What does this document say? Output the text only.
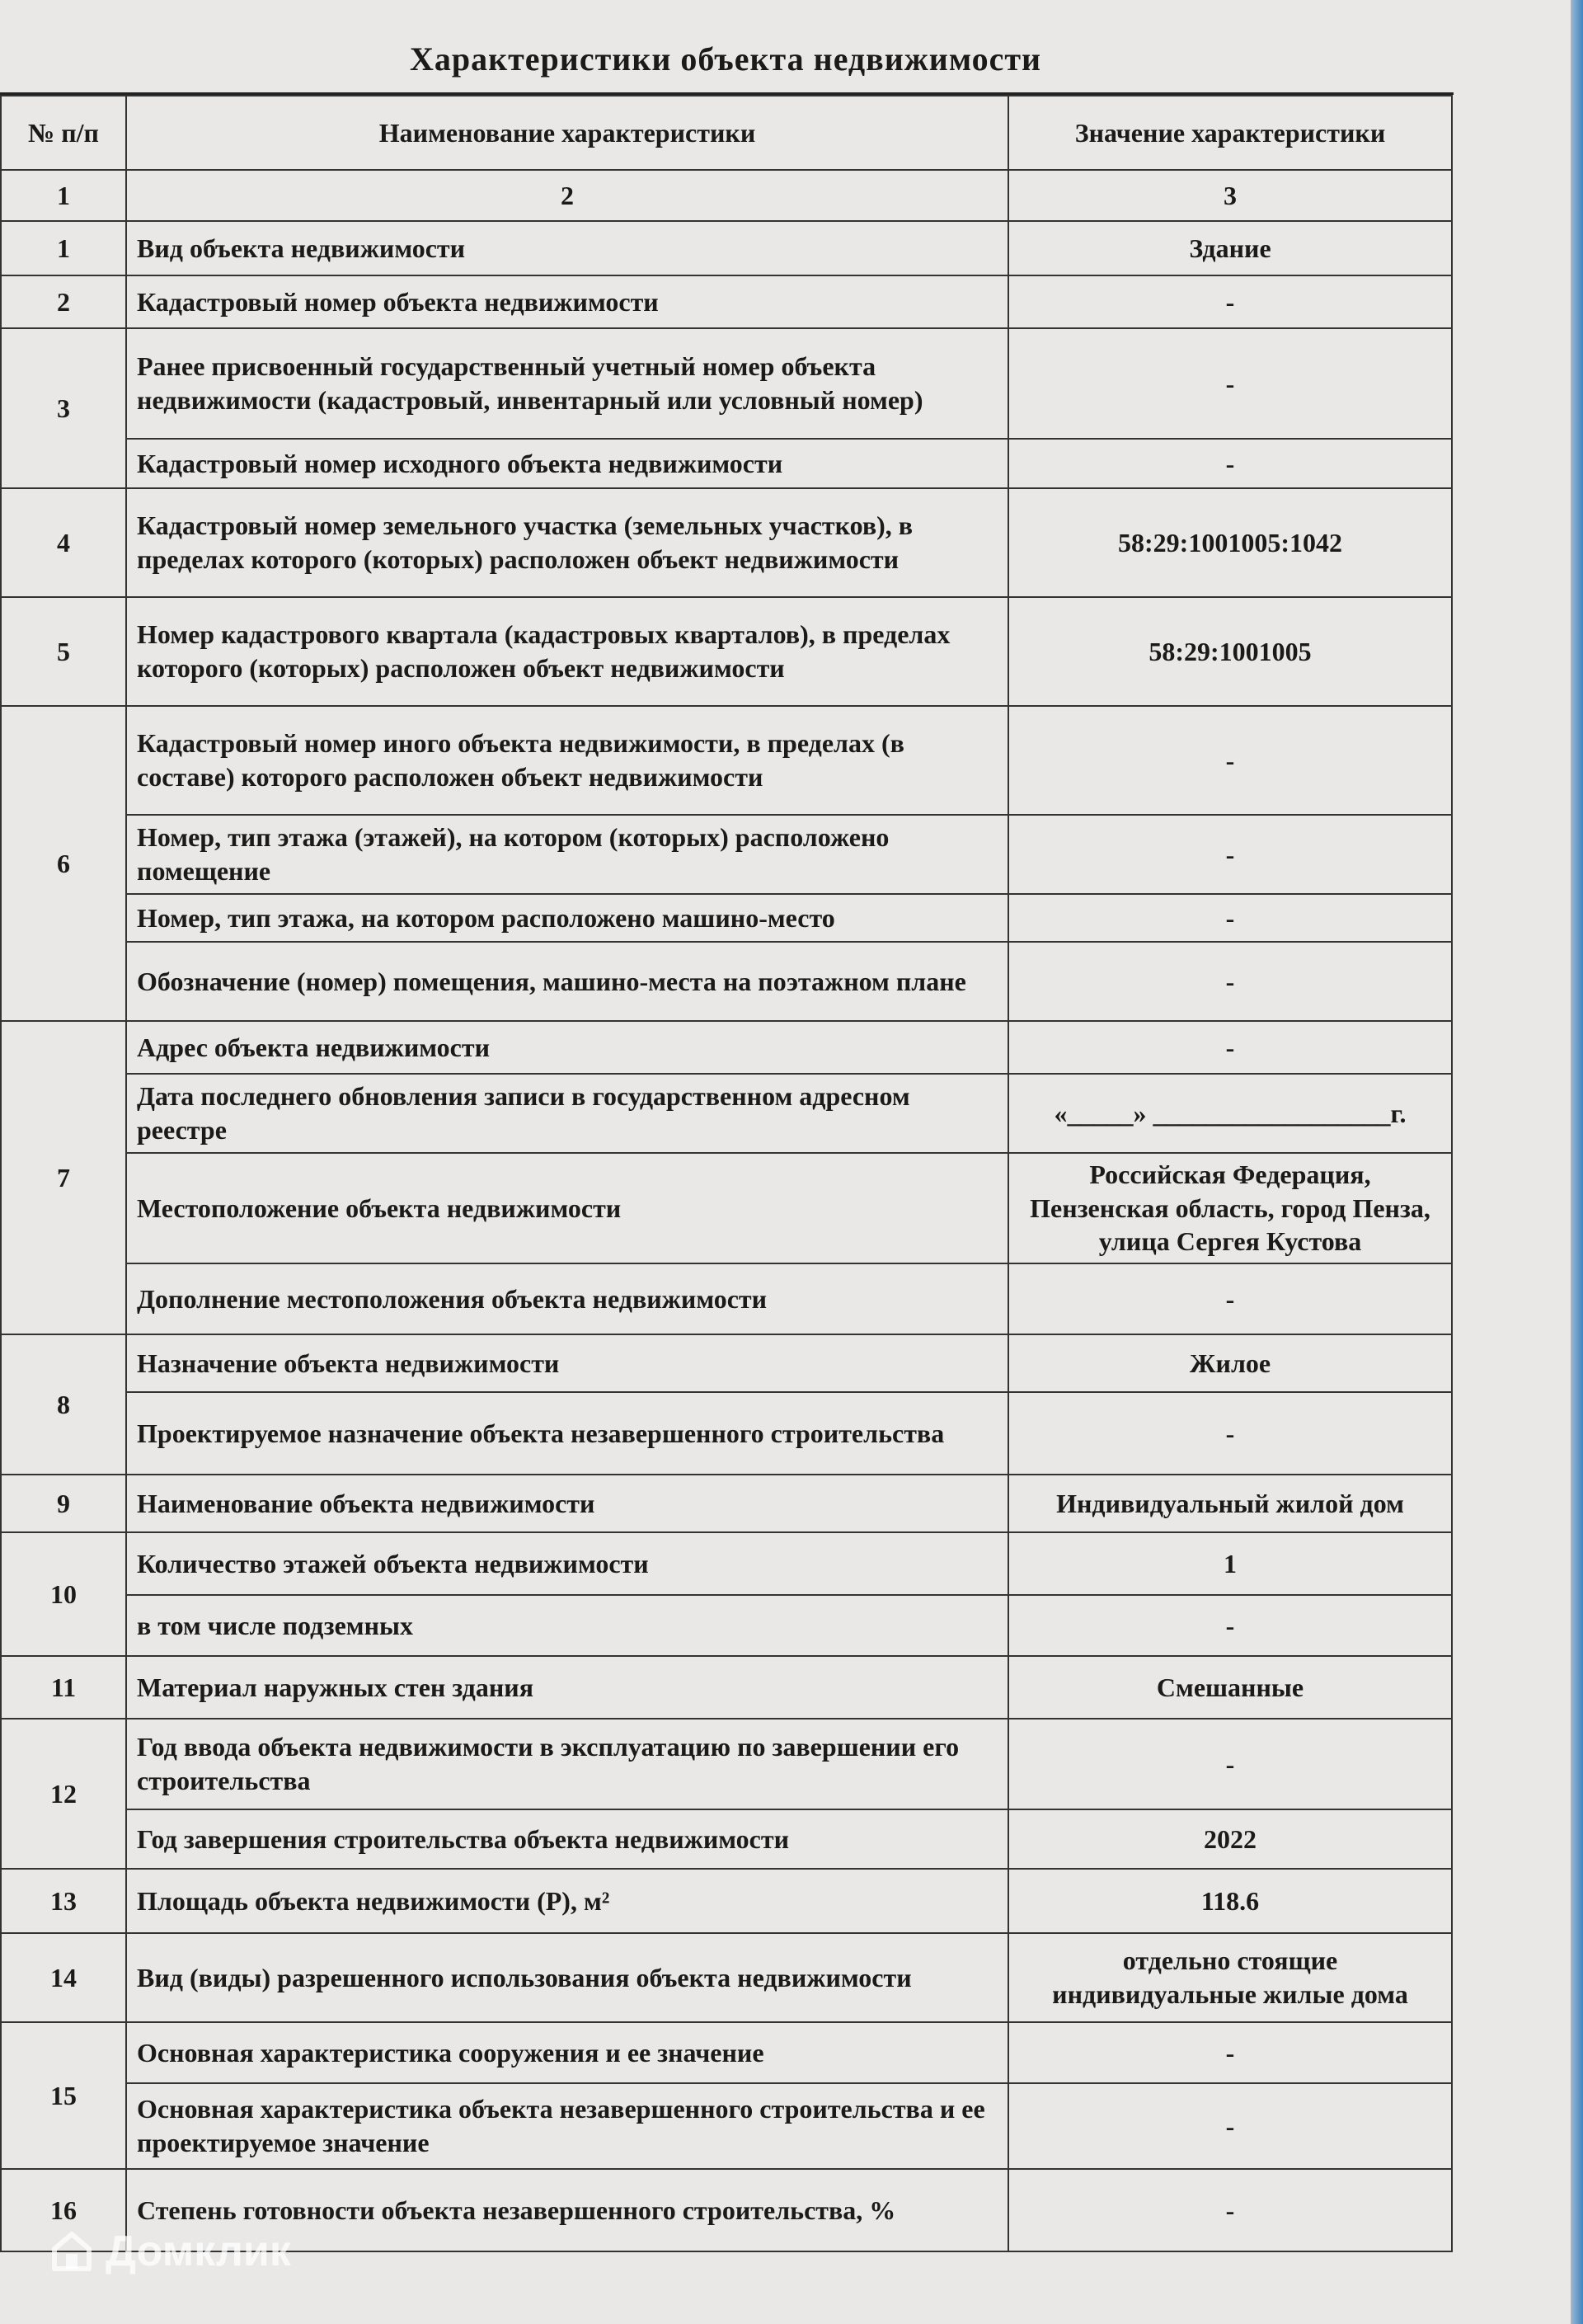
Характеристики объекта недвижимости
№ п/п	Наименование характеристики	Значение характеристики
1	2	3
1	Вид объекта недвижимости	Здание
2	Кадастровый номер объекта недвижимости	-
3	Ранее присвоенный государственный учетный номер объекта недвижимости (кадастровый, инвентарный или условный номер)	-
	Кадастровый номер исходного объекта недвижимости	-
4	Кадастровый номер земельного участка (земельных участков), в пределах которого (которых) расположен объект недвижимости	58:29:1001005:1042
5	Номер кадастрового квартала (кадастровых кварталов), в пределах которого (которых) расположен объект недвижимости	58:29:1001005
6	Кадастровый номер иного объекта недвижимости, в пределах (в составе) которого расположен объект недвижимости	-
	Номер, тип этажа (этажей), на котором (которых) расположено помещение	-
	Номер, тип этажа, на котором расположено машино-место	-
	Обозначение (номер) помещения, машино-места на поэтажном плане	-
7	Адрес объекта недвижимости	-
	Дата последнего обновления записи в государственном адресном реестре	«_____» __________________г.
	Местоположение объекта недвижимости	Российская Федерация, Пензенская область, город Пенза, улица Сергея Кустова
	Дополнение местоположения объекта недвижимости	-
8	Назначение объекта недвижимости	Жилое
	Проектируемое назначение объекта незавершенного строительства	-
9	Наименование объекта недвижимости	Индивидуальный жилой дом
10	Количество этажей объекта недвижимости	1
	в том числе подземных	-
11	Материал наружных стен здания	Смешанные
12	Год ввода объекта недвижимости в эксплуатацию по завершении его строительства	-
	Год завершения строительства объекта недвижимости	2022
13	Площадь объекта недвижимости (Р), м²	118.6
14	Вид (виды) разрешенного использования объекта недвижимости	отдельно стоящие индивидуальные жилые дома
15	Основная характеристика сооружения и ее значение	-
	Основная характеристика объекта незавершенного строительства и ее проектируемое значение	-
16	Степень готовности объекта незавершенного строительства, %	-
Домклик
